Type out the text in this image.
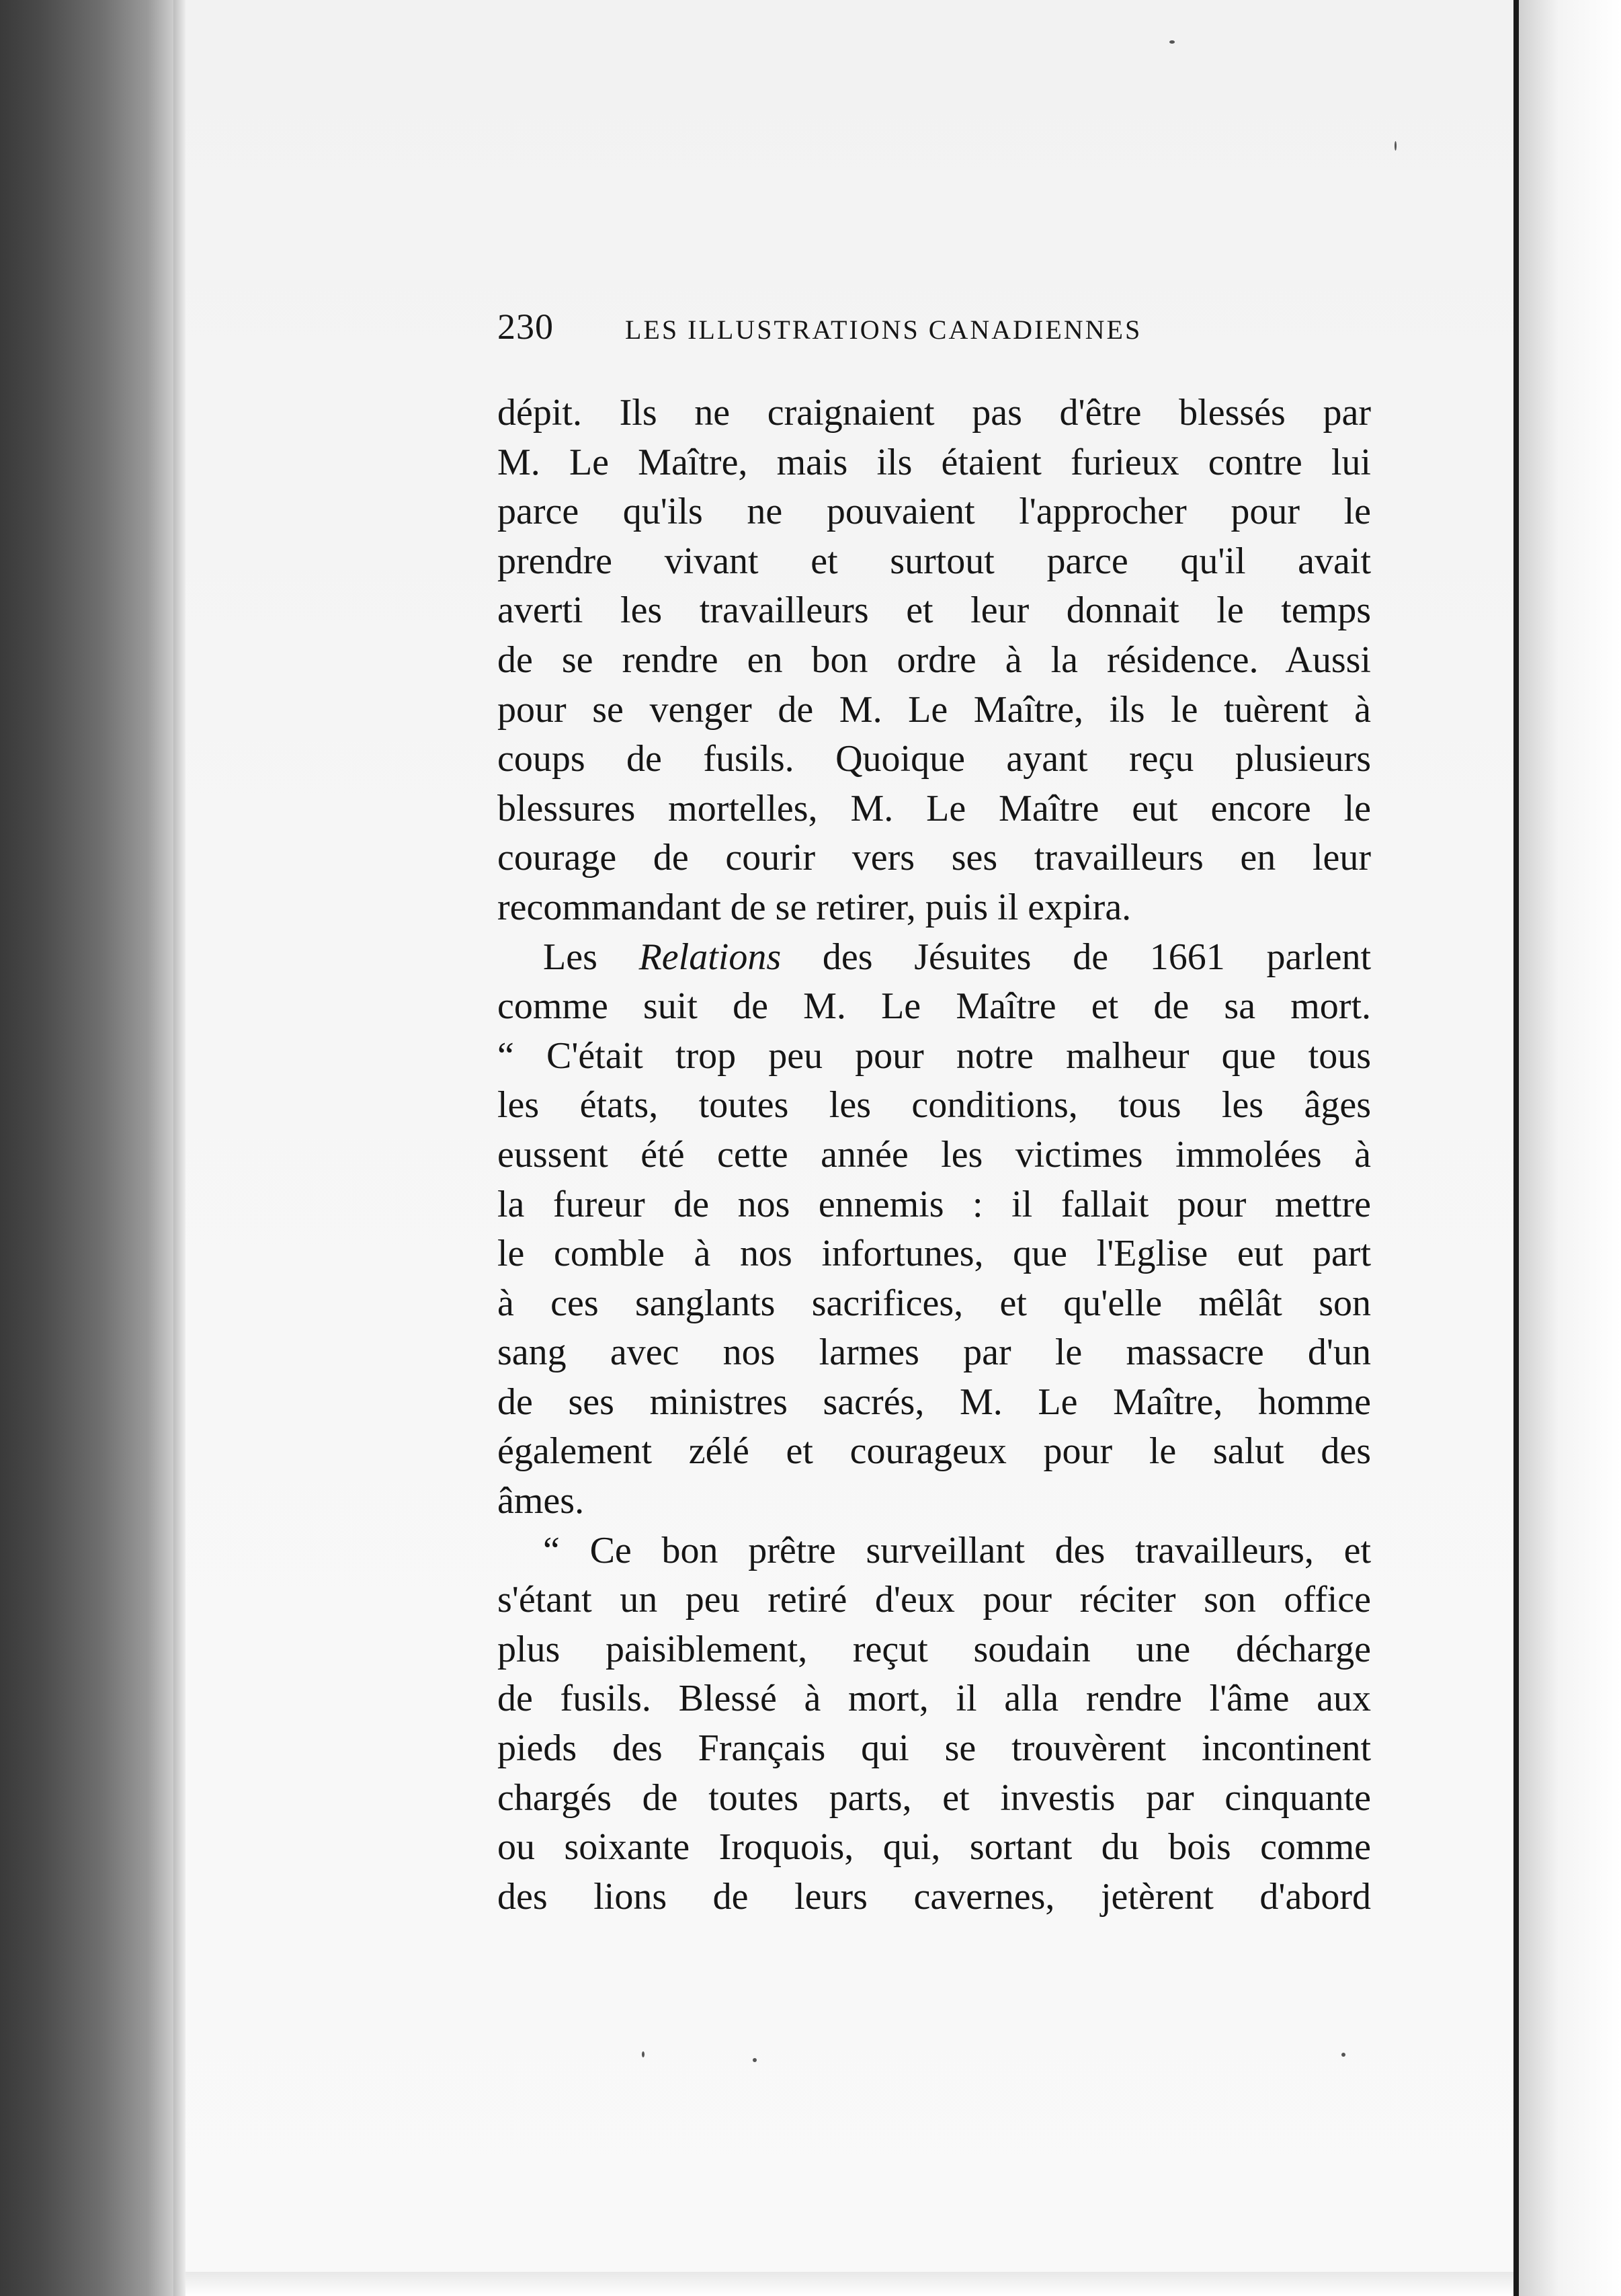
230	LES ILLUSTRATIONS CANADIENNES
dépit. Ils ne craignaient pas d'être blessés par
M. Le Maître, mais ils étaient furieux contre lui
parce qu'ils ne pouvaient l'approcher pour le
prendre vivant et surtout parce qu'il avait
averti les travailleurs et leur donnait le temps
de se rendre en bon ordre à la résidence. Aussi
pour se venger de M. Le Maître, ils le tuèrent à
coups de fusils. Quoique ayant reçu plusieurs
blessures mortelles, M. Le Maître eut encore le
courage de courir vers ses travailleurs en leur
recommandant de se retirer, puis il expira.
Les Relations des Jésuites de 1661 parlent
comme suit de M. Le Maître et de sa mort.
“ C'était trop peu pour notre malheur que tous
les états, toutes les conditions, tous les âges
eussent été cette année les victimes immolées à
la fureur de nos ennemis : il fallait pour mettre
le comble à nos infortunes, que l'Eglise eut part
à ces sanglants sacrifices, et qu'elle mêlât son
sang avec nos larmes par le massacre d'un
de ses ministres sacrés, M. Le Maître, homme
également zélé et courageux pour le salut des
âmes.
“ Ce bon prêtre surveillant des travailleurs, et
s'étant un peu retiré d'eux pour réciter son office
plus paisiblement, reçut soudain une décharge
de fusils. Blessé à mort, il alla rendre l'âme aux
pieds des Français qui se trouvèrent incontinent
chargés de toutes parts, et investis par cinquante
ou soixante Iroquois, qui, sortant du bois comme
des lions de leurs cavernes, jetèrent d'abord
